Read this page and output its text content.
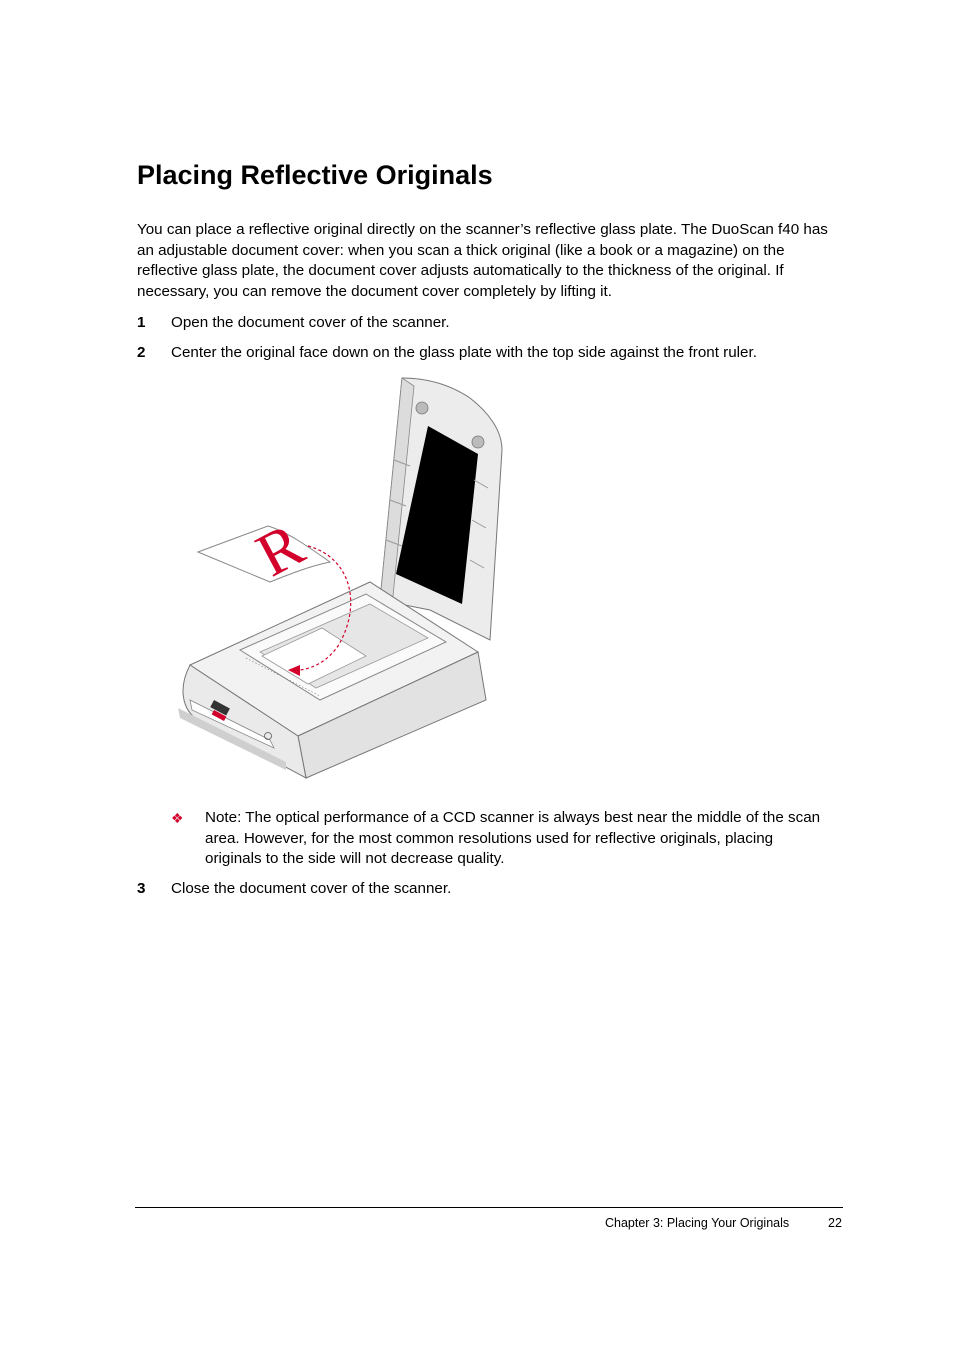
Placing Reflective Originals

You can place a reflective original directly on the scanner’s reflective glass plate. The DuoScan f40 has an adjustable document cover: when you scan a thick original (like a book or a magazine) on the reflective glass plate, the document cover adjusts automatically to the thickness of the original. If necessary, you can remove the document cover completely by lifting it.

1 Open the document cover of the scanner.
2 Center the original face down on the glass plate with the top side against the front ruler.
R
❖ Note: The optical performance of a CCD scanner is always best near the middle of the scan area. However, for the most common resolutions used for reflective originals, placing originals to the side will not decrease quality.
3 Close the document cover of the scanner.
Chapter 3: Placing Your Originals	22
